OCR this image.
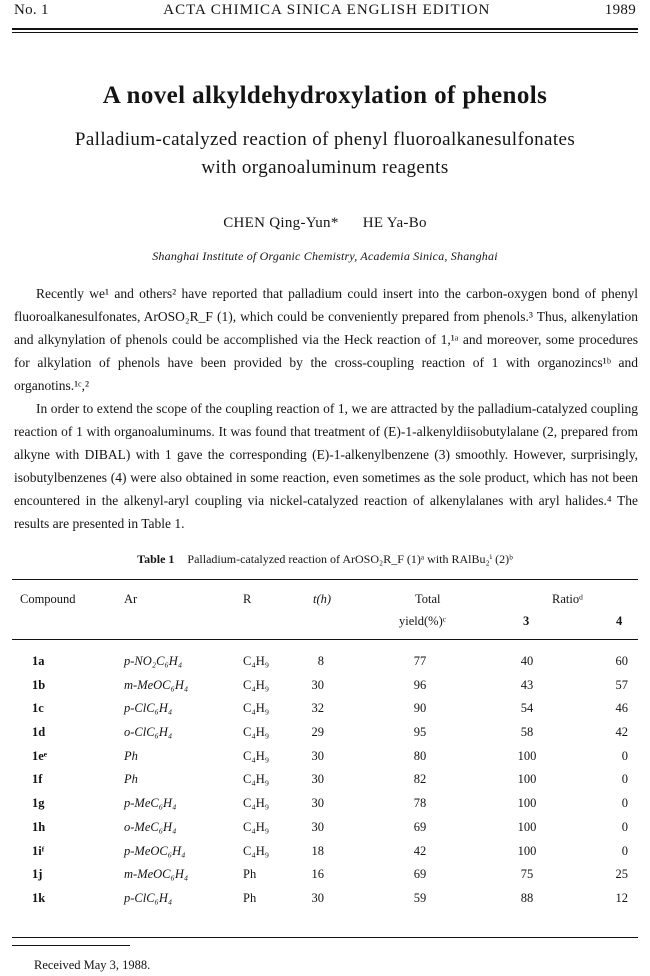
No. 1	ACTA CHIMICA SINICA ENGLISH EDITION	1989
A novel alkyldehydroxylation of phenols
Palladium-catalyzed reaction of phenyl fluoroalkanesulfonates
with organoaluminum reagents
CHEN Qing-Yun* HE Ya-Bo
Shanghai Institute of Organic Chemistry, Academia Sinica, Shanghai

Recently we¹ and others² have reported that palladium could insert into the carbon-oxygen bond of phenyl fluoroalkanesulfonates, ArOSO₂R_F (1), which could be conveniently prepared from phenols.³ Thus, alkenylation and alkynylation of phenols could be accomplished via the Heck reaction of 1,¹ᵃ and moreover, some procedures for alkylation of phenols have been provided by the cross-coupling reaction of 1 with organozincs¹ᵇ and organotins.¹ᶜ,²

In order to extend the scope of the coupling reaction of 1, we are attracted by the palladium-catalyzed coupling reaction of 1 with organoaluminums. It was found that treatment of (E)-1-alkenyldiisobutylalane (2, prepared from alkyne with DIBAL) with 1 gave the corresponding (E)-1-alkenylbenzene (3) smoothly. However, surprisingly, isobutylbenzenes (4) were also obtained in some reaction, even sometimes as the sole product, which has not been encountered in the alkenyl-aryl coupling via nickel-catalyzed reaction of alkenylalanes with aryl halides.⁴ The results are presented in Table 1.

Table 1 Palladium-catalyzed reaction of ArOSO₂R_F (1)ᵃ with RAlBu₂ⁱ (2)ᵇ
Compound	Ar	R	t(h)	Total
yield(%)ᶜ
Ratioᵈ
3	4
1a	p-NO₂C₆H₄	C₄H₉	8	77	40	60
1b	m-MeOC₆H₄	C₄H₉	30	96	43	57
1c	p-ClC₆H₄	C₄H₉	32	90	54	46
1d	o-ClC₆H₄	C₄H₉	29	95	58	42
1eᵉ	Ph	C₄H₉	30	80	100	0
1f	Ph	C₄H₉	30	82	100	0
1g	p-MeC₆H₄	C₄H₉	30	78	100	0
1h	o-MeC₆H₄	C₄H₉	30	69	100	0
1iᶠ	p-MeOC₆H₄	C₄H₉	18	42	100	0
1j	m-MeOC₆H₄	Ph	16	69	75	25
1k	p-ClC₆H₄	Ph	30	59	88	12
Received May 3, 1988.
